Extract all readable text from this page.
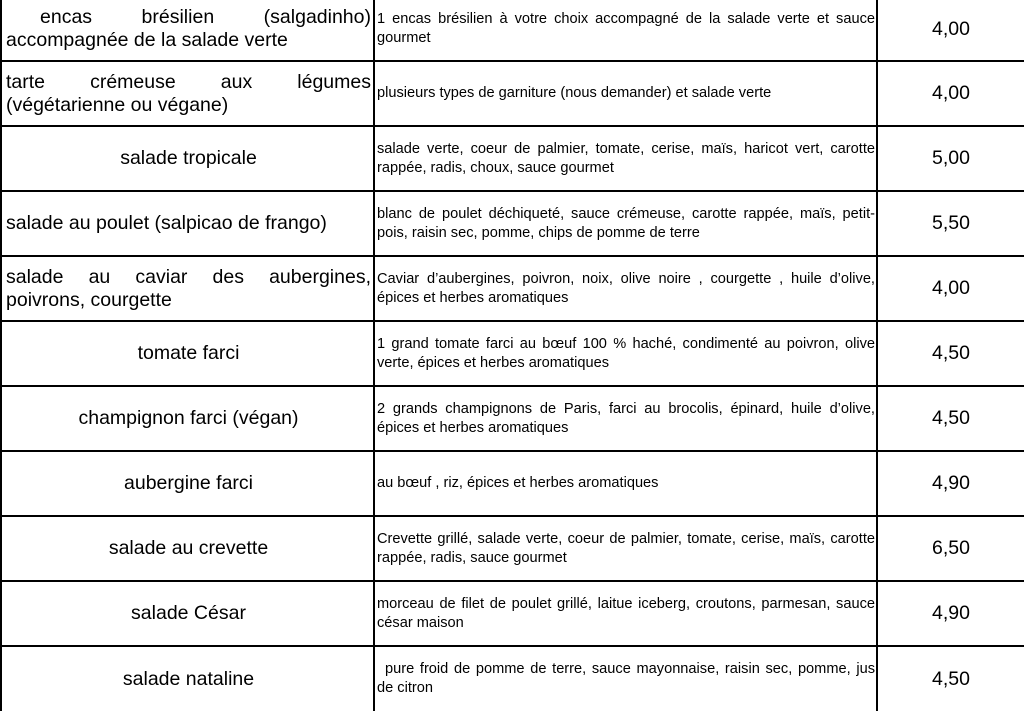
encas brésilien (salgadinho) accompagnée de la salade verte	1 encas brésilien à votre choix accompagné de la salade verte et sauce gourmet	4,00
tarte crémeuse aux légumes (végétarienne ou végane)	plusieurs types de garniture (nous demander) et salade verte	4,00
salade tropicale	salade verte, coeur de palmier, tomate, cerise, maïs, haricot vert, carotte rappée, radis, choux, sauce gourmet	5,00
salade au poulet (salpicao de frango)	blanc de poulet déchiqueté, sauce crémeuse, carotte rappée, maïs, petit-pois, raisin sec, pomme, chips de pomme de terre	5,50
salade au caviar des aubergines, poivrons, courgette	Caviar d’aubergines, poivron, noix, olive noire , courgette , huile d’olive, épices et herbes aromatiques	4,00
tomate farci	1 grand tomate farci au bœuf 100 % haché, condimenté au poivron, olive verte, épices et herbes aromatiques	4,50
champignon farci (végan)	2 grands champignons de Paris, farci au brocolis, épinard, huile d’olive, épices et herbes aromatiques	4,50
aubergine farci	au bœuf , riz, épices et herbes aromatiques	4,90
salade au crevette	Crevette grillé, salade verte, coeur de palmier, tomate, cerise, maïs, carotte rappée, radis, sauce gourmet	6,50
salade César	morceau de filet de poulet grillé, laitue iceberg, croutons, parmesan, sauce césar maison	4,90
salade nataline	pure froid de pomme de terre, sauce mayonnaise, raisin sec, pomme, jus de citron	4,50
